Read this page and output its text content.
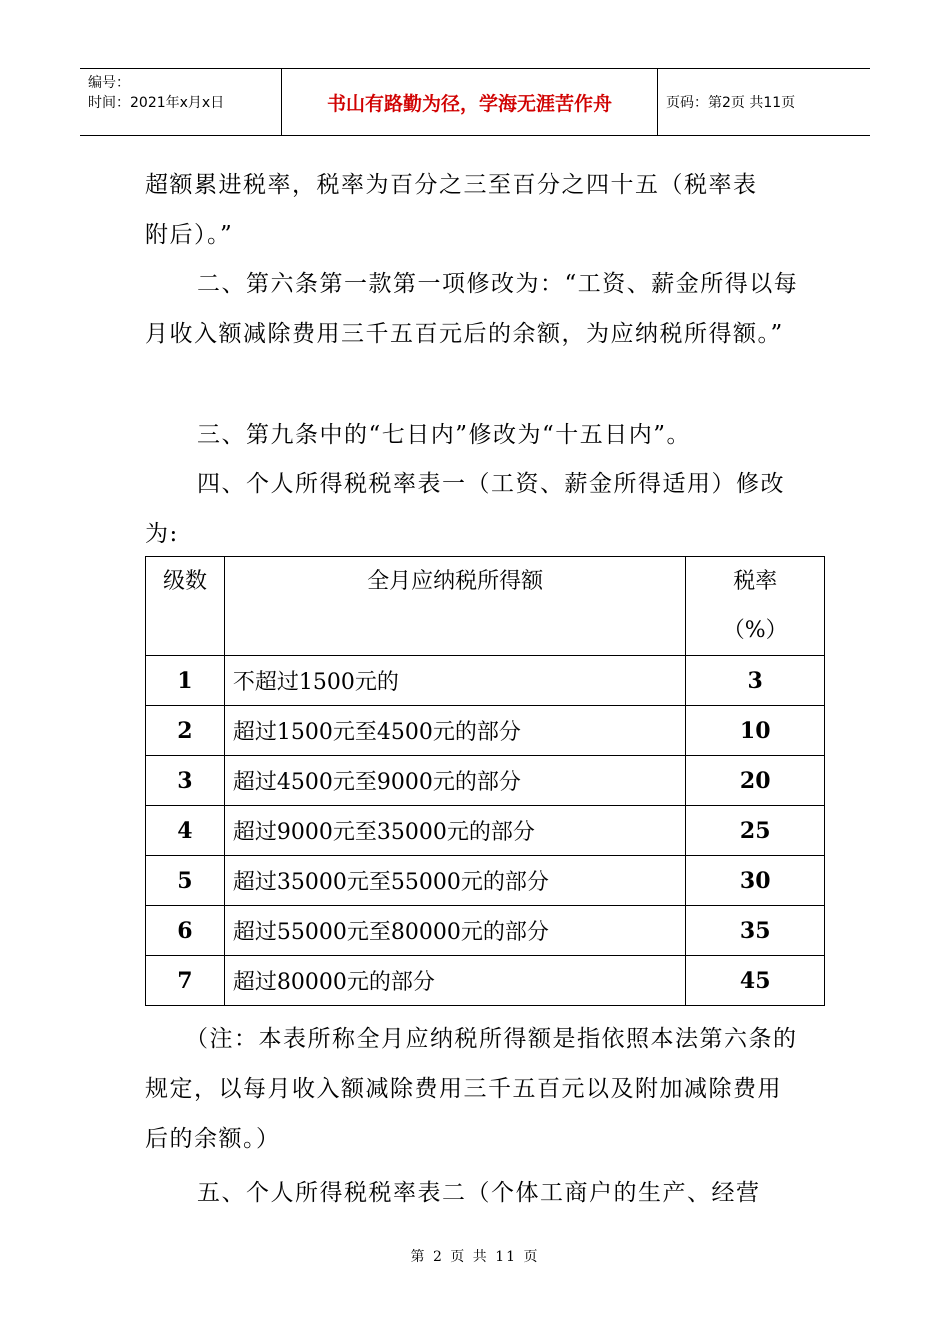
编号：
时间：2021年x月x日	书山有路勤为径，学海无涯苦作舟	页码：第2页 共11页

超额累进税率，税率为百分之三至百分之四十五（税率表

附后）。”

二、第六条第一款第一项修改为：“工资、薪金所得以每月收入额减除费用三千五百元后的余额，为应纳税所得额。”

三、第九条中的“七日内”修改为“十五日内”。

四、个人所得税税率表一（工资、薪金所得适用）修改为:

级数	全月应纳税所得额	税率
（%）

1	不超过1500元的	3
2	超过1500元至4500元的部分	10
3	超过4500元至9000元的部分	20
4	超过9000元至35000元的部分	25
5	超过35000元至55000元的部分	30
6	超过55000元至80000元的部分	35
7	超过80000元的部分	45

（注：本表所称全月应纳税所得额是指依照本法第六条的规定，以每月收入额减除费用三千五百元以及附加减除费用后的余额。）

五、个人所得税税率表二（个体工商户的生产、经营

第 2 页 共 11 页
